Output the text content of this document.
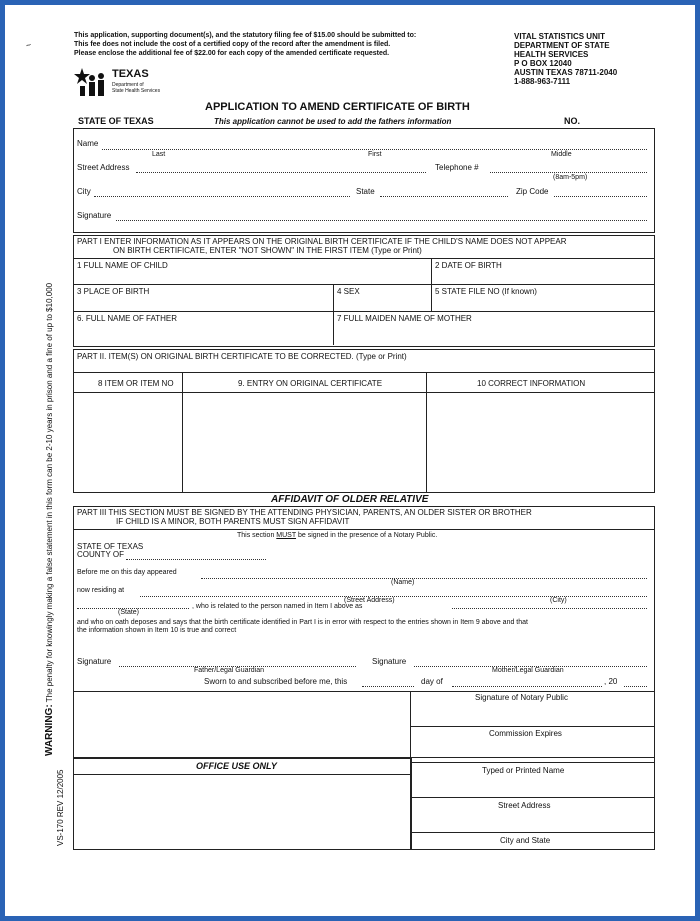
~
This application, supporting document(s), and the statutory filing fee of $15.00 should be submitted to:
This fee does not include the cost of a certified copy of the record after the amendment is filed.
Please enclose the additional fee of $22.00 for each copy of the amended certificate requested.
VITAL STATISTICS UNIT
DEPARTMENT OF STATE
HEALTH SERVICES
P O BOX 12040
AUSTIN TEXAS 78711-2040
1-888-963-7111
TEXAS
Department of
State Health Services
APPLICATION TO AMEND CERTIFICATE OF BIRTH
STATE OF TEXAS	This application cannot be used to add the fathers information	NO.
Name
Last	First	Middle
Street Address	Telephone #
(8am-5pm)
City	State	Zip Code
Signature
PART I ENTER INFORMATION AS IT APPEARS ON THE ORIGINAL BIRTH CERTIFICATE IF THE CHILD'S NAME DOES NOT APPEAR
ON BIRTH CERTIFICATE, ENTER "NOT SHOWN" IN THE FIRST ITEM (Type or Print)
1 FULL NAME OF CHILD	2 DATE OF BIRTH
3 PLACE OF BIRTH	4 SEX	5 STATE FILE NO (If known)
6. FULL NAME OF FATHER	7 FULL MAIDEN NAME OF MOTHER
PART II. ITEM(S) ON ORIGINAL BIRTH CERTIFICATE TO BE CORRECTED. (Type or Print)
8 ITEM OR ITEM NO	9. ENTRY ON ORIGINAL CERTIFICATE	10 CORRECT INFORMATION
AFFIDAVIT OF OLDER RELATIVE
PART III THIS SECTION MUST BE SIGNED BY THE ATTENDING PHYSICIAN, PARENTS, AN OLDER SISTER OR BROTHER
IF CHILD IS A MINOR, BOTH PARENTS MUST SIGN AFFIDAVIT
This section MUST be signed in the presence of a Notary Public.
STATE OF TEXAS
COUNTY OF
Before me on this day appeared
(Name)
now residing at
(Street Address)	(City)
, who is related to the person named in Item I above as
(State)
and who on oath deposes and says that the birth certificate identified in Part I is in error with respect to the entries shown in Item 9 above and that
the information shown in Item 10 is true and correct
Signature
Father/Legal Guardian
Signature
Mother/Legal Guardian
Sworn to and subscribed before me, this	day of	, 20
Signature of Notary Public
Commission Expires
Typed or Printed Name
Street Address
City and State
OFFICE USE ONLY
WARNING: The penalty for knowingly making a false statement in this form can be 2-10 years in prison and a fine of up to $10,000
VS-170 REV 12/2005
